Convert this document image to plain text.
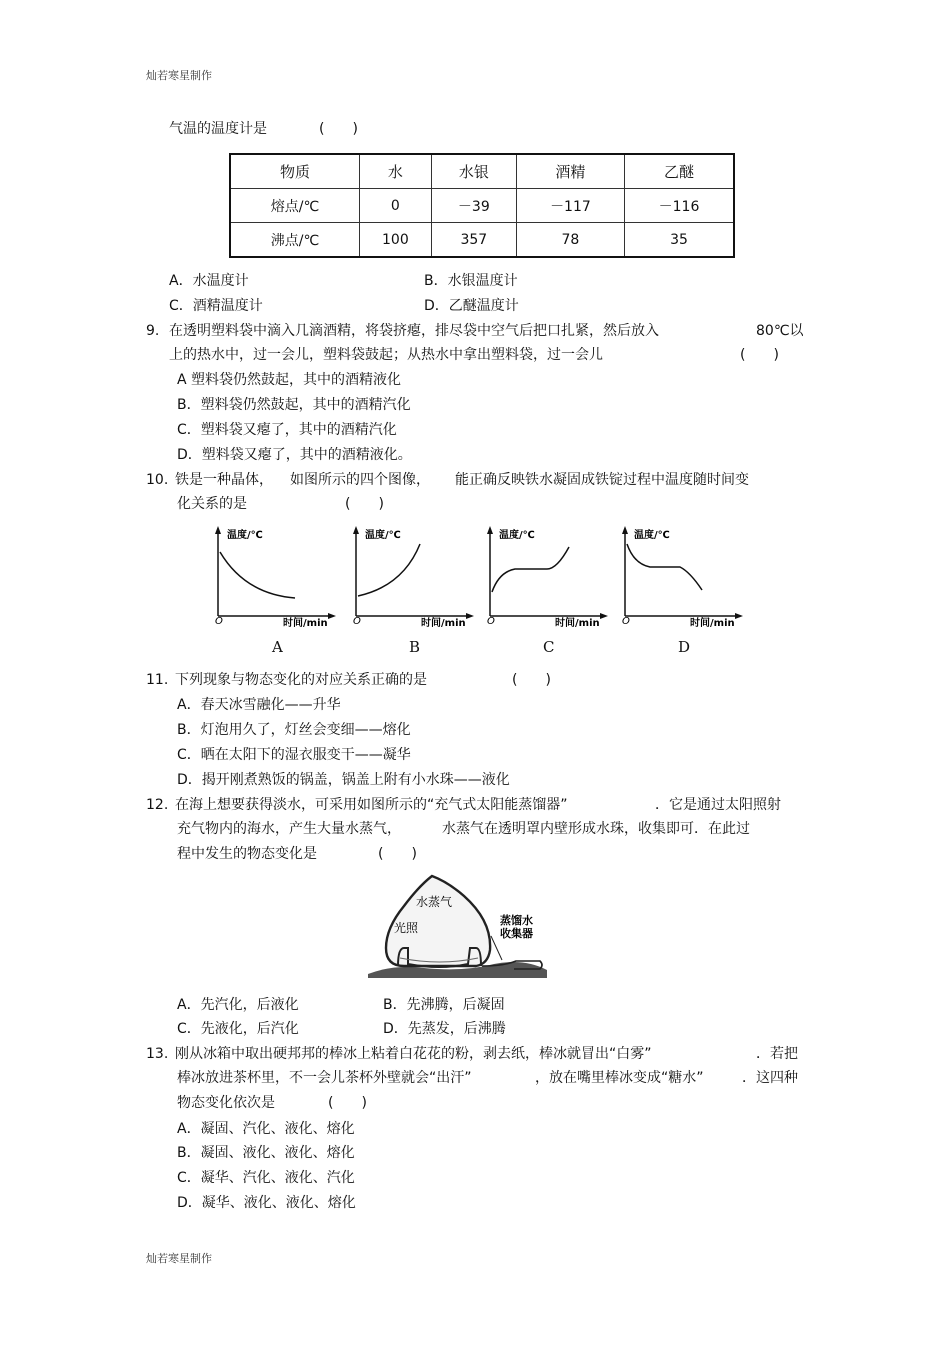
灿若寒星制作
气温的温度计是	(　　)
物质	水	水银	酒精	乙醚
熔点/℃	0	－39	－117	－116
沸点/℃	100	357	78	35
A．水温度计	B．水银温度计
C．酒精温度计	D．乙醚温度计
9. 在透明塑料袋中滴入几滴酒精，将袋挤瘪，排尽袋中空气后把口扎紧，然后放入	80℃以
上的热水中，过一会儿，塑料袋鼓起；从热水中拿出塑料袋，过一会儿	(　　)
A 塑料袋仍然鼓起，其中的酒精液化
B．塑料袋仍然鼓起，其中的酒精汽化
C．塑料袋又瘪了，其中的酒精汽化
D．塑料袋又瘪了，其中的酒精液化。
10. 铁是一种晶体， 如图所示的四个图像， 能正确反映铁水凝固成铁锭过程中温度随时间变
化关系的是	(　　)
温度/℃
时间/min
O
A
温度/℃
时间/min
O
B
温度/℃
时间/min
O
C
温度/℃
时间/min
O
D
11. 下列现象与物态变化的对应关系正确的是	(　　)
A．春天冰雪融化——升华
B．灯泡用久了，灯丝会变细——熔化
C．晒在太阳下的湿衣服变干——凝华
D．揭开刚煮熟饭的锅盖，锅盖上附有小水珠——液化
12. 在海上想要获得淡水，可采用如图所示的“充气式太阳能蒸馏器”	．它是通过太阳照射
充气物内的海水，产生大量水蒸气，	水蒸气在透明罩内壁形成水珠，收集即可．在此过
程中发生的物态变化是	(　　)
水蒸气
光照
蒸馏水
收集器
A．先汽化，后液化	B．先沸腾，后凝固
C．先液化，后汽化	D．先蒸发，后沸腾
13. 刚从冰箱中取出硬邦邦的棒冰上粘着白花花的粉，剥去纸，棒冰就冒出“白雾”	．若把
棒冰放进茶杯里，不一会儿茶杯外壁就会“出汗”	，放在嘴里棒冰变成“糖水”	．这四种
物态变化依次是	(　　)
A．凝固、汽化、液化、熔化
B．凝固、液化、液化、熔化
C．凝华、汽化、液化、汽化
D．凝华、液化、液化、熔化
灿若寒星制作
